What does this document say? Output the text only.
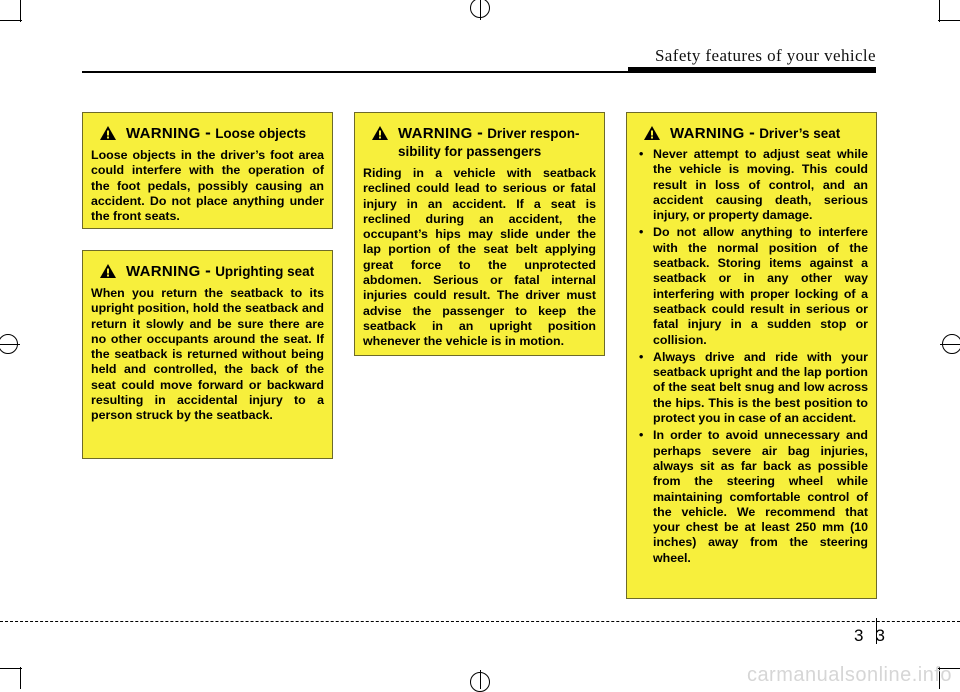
Safety features of your vehicle
WARNING - Loose objects
Loose objects in the driver’s foot area could interfere with the operation of the foot pedals, possibly causing an accident. Do not place anything under the front seats.
WARNING - Uprighting seat
When you return the seatback to its upright position, hold the seatback and return it slowly and be sure there are no other occupants around the seat. If the seatback is returned without being held and controlled, the back of the seat could move forward or backward resulting in accidental injury to a person struck by the seatback.
WARNING - Driver responsibility for passengers
Riding in a vehicle with seatback reclined could lead to serious or fatal injury in an accident. If a seat is reclined during an accident, the occupant’s hips may slide under the lap portion of the seat belt applying great force to the unprotected abdomen. Serious or fatal internal injuries could result. The driver must advise the passenger to keep the seatback in an upright position whenever the vehicle is in motion.
WARNING - Driver’s seat
• Never attempt to adjust seat while the vehicle is moving. This could result in loss of control, and an accident causing death, serious injury, or property damage.
• Do not allow anything to interfere with the normal position of the seatback. Storing items against a seatback or in any other way interfering with proper locking of a seatback could result in serious or fatal injury in a sudden stop or collision.
• Always drive and ride with your seatback upright and the lap portion of the seat belt snug and low across the hips. This is the best position to protect you in case of an accident.
• In order to avoid unnecessary and perhaps severe air bag injuries, always sit as far back as possible from the steering wheel while maintaining comfortable control of the vehicle. We recommend that your chest be at least 250 mm (10 inches) away from the steering wheel.
3 3
carmanualsonline.info
